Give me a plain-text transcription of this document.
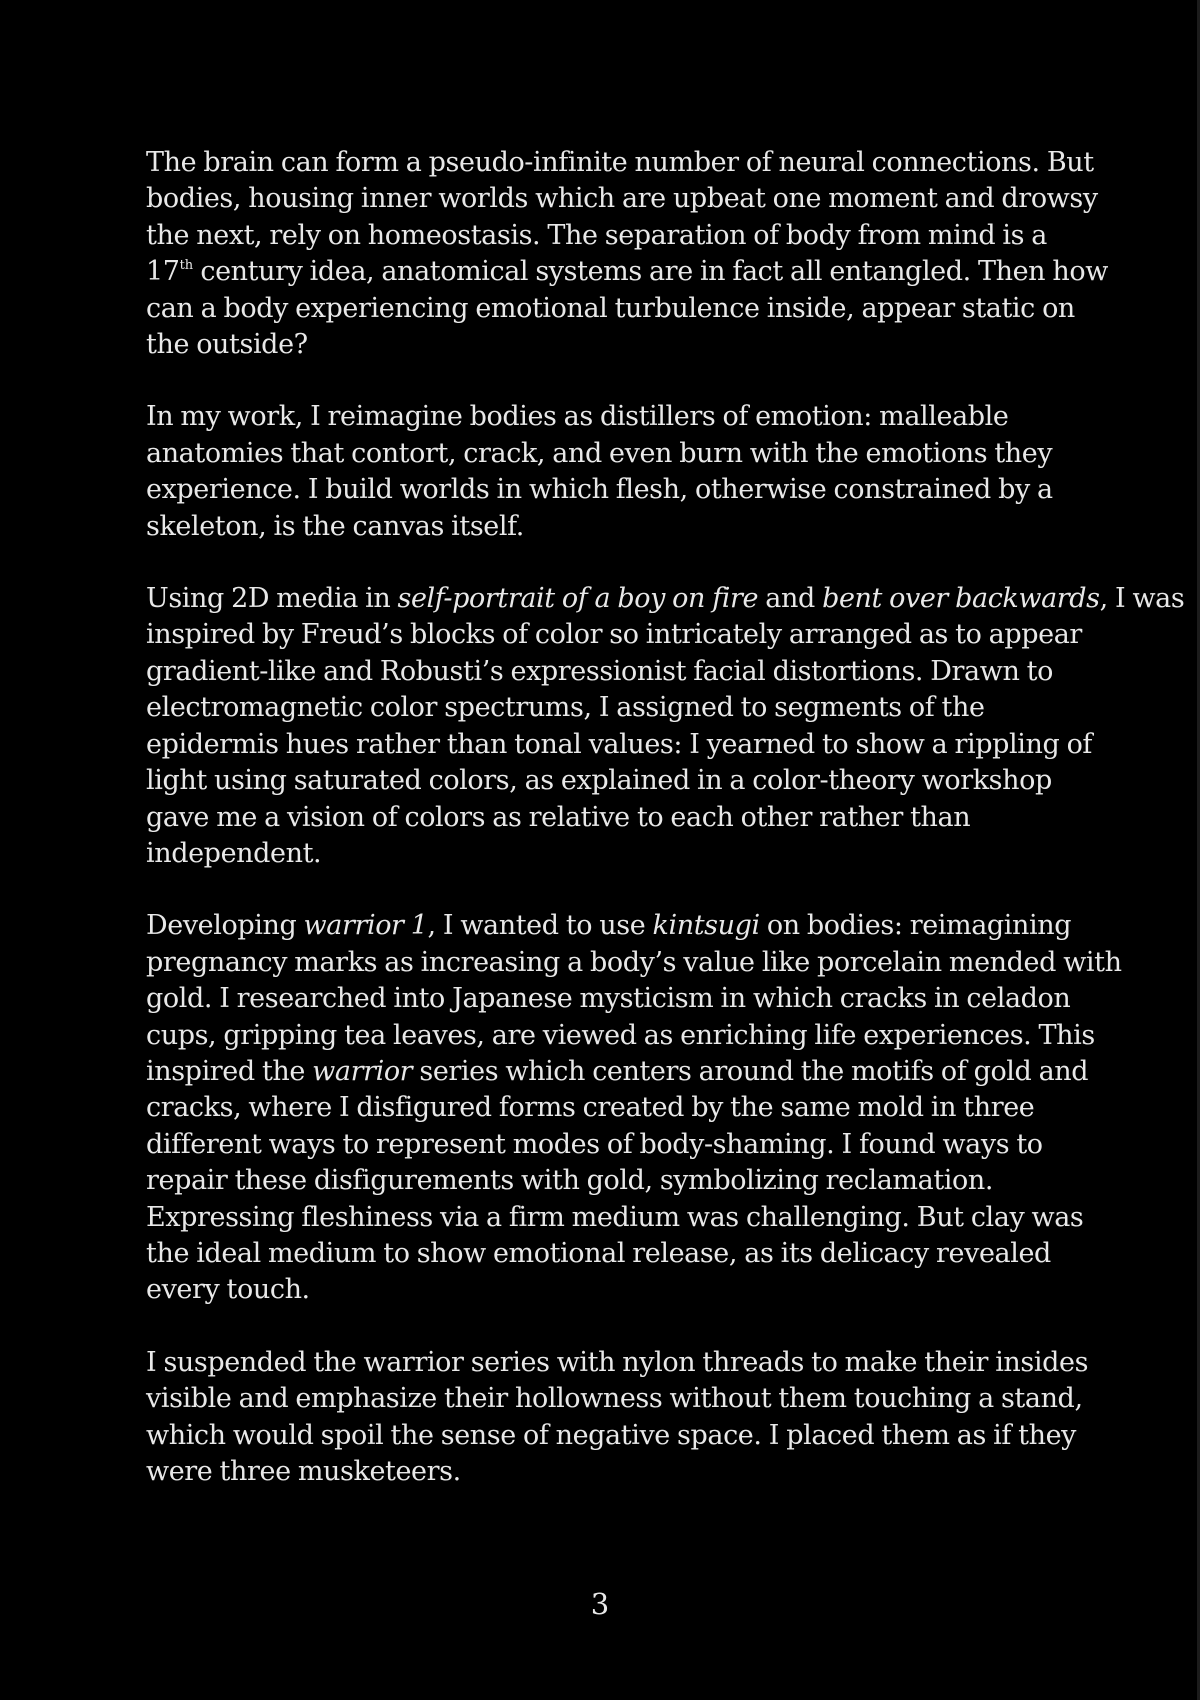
The brain can form a pseudo-infinite number of neural connections. But
bodies, housing inner worlds which are upbeat one moment and drowsy
the next, rely on homeostasis. The separation of body from mind is a
17th century idea, anatomical systems are in fact all entangled. Then how
can a body experiencing emotional turbulence inside, appear static on
the outside?

In my work, I reimagine bodies as distillers of emotion: malleable
anatomies that contort, crack, and even burn with the emotions they
experience. I build worlds in which flesh, otherwise constrained by a
skeleton, is the canvas itself.

Using 2D media in self-portrait of a boy on fire and bent over backwards, I was
inspired by Freud’s blocks of color so intricately arranged as to appear
gradient-like and Robusti’s expressionist facial distortions. Drawn to
electromagnetic color spectrums, I assigned to segments of the
epidermis hues rather than tonal values: I yearned to show a rippling of
light using saturated colors, as explained in a color-theory workshop
gave me a vision of colors as relative to each other rather than
independent.

Developing warrior 1, I wanted to use kintsugi on bodies: reimagining
pregnancy marks as increasing a body’s value like porcelain mended with
gold. I researched into Japanese mysticism in which cracks in celadon
cups, gripping tea leaves, are viewed as enriching life experiences. This
inspired the warrior series which centers around the motifs of gold and
cracks, where I disfigured forms created by the same mold in three
different ways to represent modes of body-shaming. I found ways to
repair these disfigurements with gold, symbolizing reclamation.
Expressing fleshiness via a firm medium was challenging. But clay was
the ideal medium to show emotional release, as its delicacy revealed
every touch.

I suspended the warrior series with nylon threads to make their insides
visible and emphasize their hollowness without them touching a stand,
which would spoil the sense of negative space. I placed them as if they
were three musketeers.

3
